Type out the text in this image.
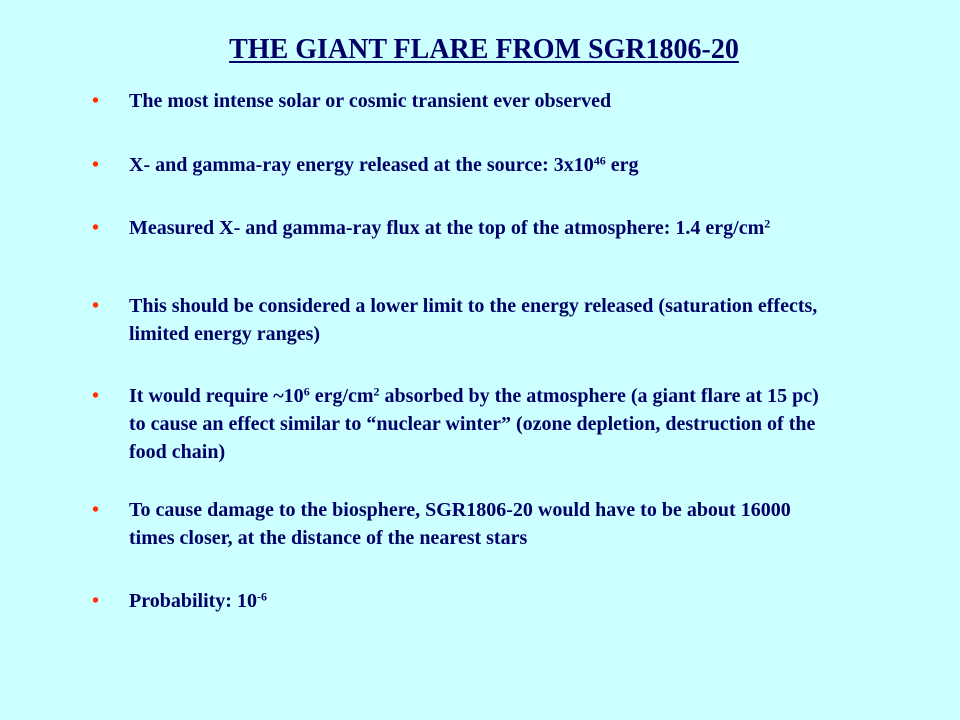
THE GIANT FLARE FROM SGR1806-20
• The most intense solar or cosmic transient ever observed
• X- and gamma-ray energy released at the source: $3x10^{46}$ erg
• Measured X- and gamma-ray flux at the top of the atmosphere: 1.4 erg/$cm^2$
• This should be considered a lower limit to the energy released (saturation effects, limited energy ranges)
• It would require $\sim 10^6$ erg/$cm^2$ absorbed by the atmosphere (a giant flare at 15 pc) to cause an effect similar to “nuclear winter” (ozone depletion, destruction of the food chain)
• To cause damage to the biosphere, SGR1806-20 would have to be about 16000 times closer, at the distance of the nearest stars
• Probability: $10^{-6}$
